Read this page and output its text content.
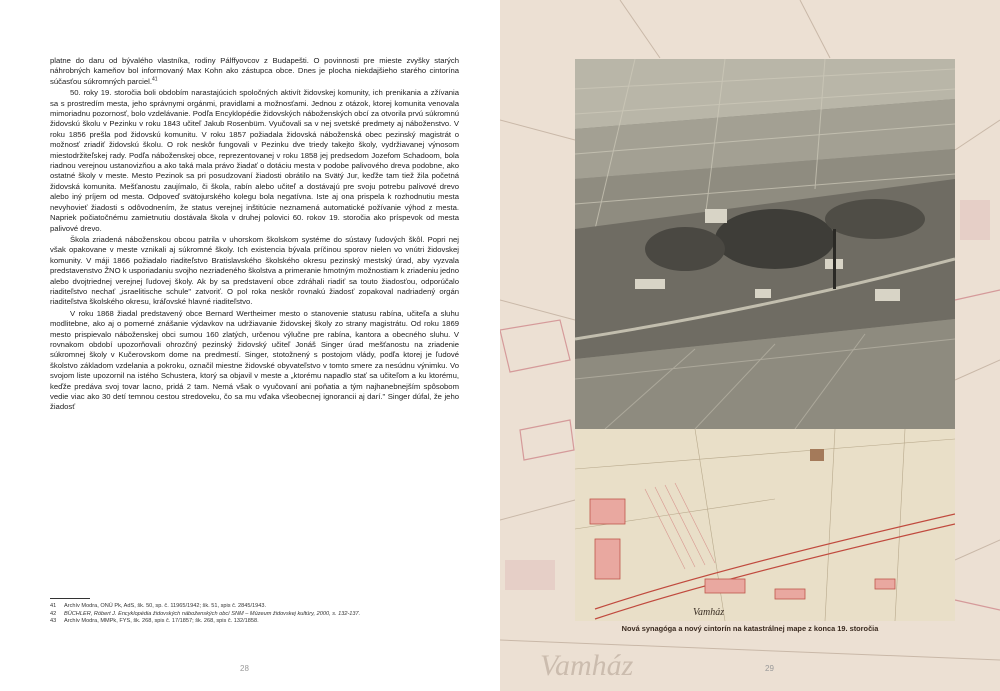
platne do daru od bývalého vlastníka, rodiny Pálffyovcov z Budapešti. O povinnosti pre mieste zvyšky starých náhrobných kameňov bol informovaný Max Kohn ako zástupca obce. Dnes je plocha niekdajšieho starého cintorína súčasťou súkromných parciel.$^{41}$

50. roky 19. storočia boli obdobím narastajúcich spoločných aktivít židovskej komunity, ich prenikania a zžívania sa s prostredím mesta, jeho správnymi orgánmi, pravidlami a možnosťami. Jednou z otázok, ktorej komunita venovala mimoriadnu pozornosť, bolo vzdelávanie. Podľa Encyklopédie židovských náboženských obcí za otvorila prvú súkromnú židovskú školu v Pezinku v roku 1843 učiteľ Jakub Rosenbüm. Vyučovali sa v nej svetské predmety aj náboženstvo. V roku 1856 prešla pod židovskú komunitu. V roku 1857 požiadala židovská náboženská obec pezinský magistrát o možnosť zriadiť židovskú školu. O rok neskôr fungovali v Pezinku dve triedy takejto školy, vydržiavanej výnosom miestodržiteľskej rady. Podľa náboženskej obce, reprezentovanej v roku 1858 jej predsedom Jozefom Schadoom, bola riadnou verejnou ustanovizňou a ako taká mala právo žiadať o dotáciu mesta v podobe palivového dreva podobne, ako ostatné školy v meste. Mesto Pezinok sa pri posudzovaní žiadosti obrátilo na Svätý Jur, keďže tam tiež žila početná židovská komunita. Mešťanostu zaujímalo, či škola, rabín alebo učiteľ a dostávajú pre svoju potrebu palivové drevo alebo iný príjem od mesta. Odpoveď svätojurského kolegu bola negatívna. Iste aj ona prispela k rozhodnutiu mesta nevyhovieť žiadosti s odôvodnením, že status verejnej inštitúcie neznamená automatické požívanie výhod z mesta. Napriek počiatočnému zamietnutiu dostávala škola v druhej polovici 60. rokov 19. storočia ako príspevok od mesta palivové drevo.

Škola zriadená náboženskou obcou patrila v uhorskom školskom systéme do sústavy ľudových škôl. Popri nej však opakovane v meste vznikali aj súkromné školy. Ich existencia bývala príčinou sporov nielen vo vnútri židovskej komunity. V máji 1866 požiadalo riaditeľstvo Bratislavského školského okresu pezinský mestský úrad, aby vyzvala predstavenstvo ŽNO k usporiadaniu svojho nezriadeného školstva a primeranie hmotným možnostiam k zriadeniu jedno alebo dvojtriednej verejnej ľudovej školy. Ak by sa predstavení obce zdráhali riadiť sa touto žiadosťou, odporúčalo riaditeľstvo nechať „israelitische schule" zatvoriť. O pol roka neskôr rovnakú žiadosť zopakoval nadriadený orgán riaditeľstva školského okresu, kráľovské hlavné riaditeľstvo.

V roku 1868 žiadal predstavený obce Bernard Wertheimer mesto o stanovenie statusu rabína, učiteľa a sluhu modlitebne, ako aj o pomerné znášanie výdavkov na udržiavanie židovskej školy zo strany magistrátu. Od roku 1869 mesto prispievalo náboženskej obci sumou 160 zlatých, určenou výlučne pre rabína, kantora a obecného sluhu. V rovnakom období upozorňovali ohrozčný pezinský židovský učiteľ Jonáš Singer úrad mešťanostu na zriadenie súkromnej školy v Kučerovskom dome na predmestí. Singer, stotožnený s postojom vlády, podľa ktorej je ľudové školstvo základom vzdelania a pokroku, označil miestne židovské obyvateľstvo v tomto smere za nesúdnu výnimku. Vo svojom liste upozornil na istého Schustera, ktorý sa objavil v meste a „ktorému napadlo stať sa učiteľom a ku ktorému, keďže predáva svoj tovar lacno, pridá 2 tam. Nemá však o vyučovaní ani poňatia a tým najhanebnejším spôsobom vedie viac ako 30 detí temnou cestou stredoveku, čo sa mu vďaka všeobecnej ignorancii aj darí." Singer dúfal, že jeho žiadosť

41	Archív Modra, ONÚ Pk, AdS, šk. 50, sp. č. 11965/1942; šk. 51, spis č. 2845/1943.
42	BÜCHLER, Róbert J. Encyklopédia židovských náboženských obcí SNM – Múzeum židovskej kultúry, 2000, s. 132-137.
43	Archív Modra, MMPk, FYS, šk. 268, spis č. 17/1857; šk. 268, spis č. 132/1858.
28	Vamház
Vamház
Nová synagóga a nový cintorín na katastrálnej mape z konca 19. storočia
29
